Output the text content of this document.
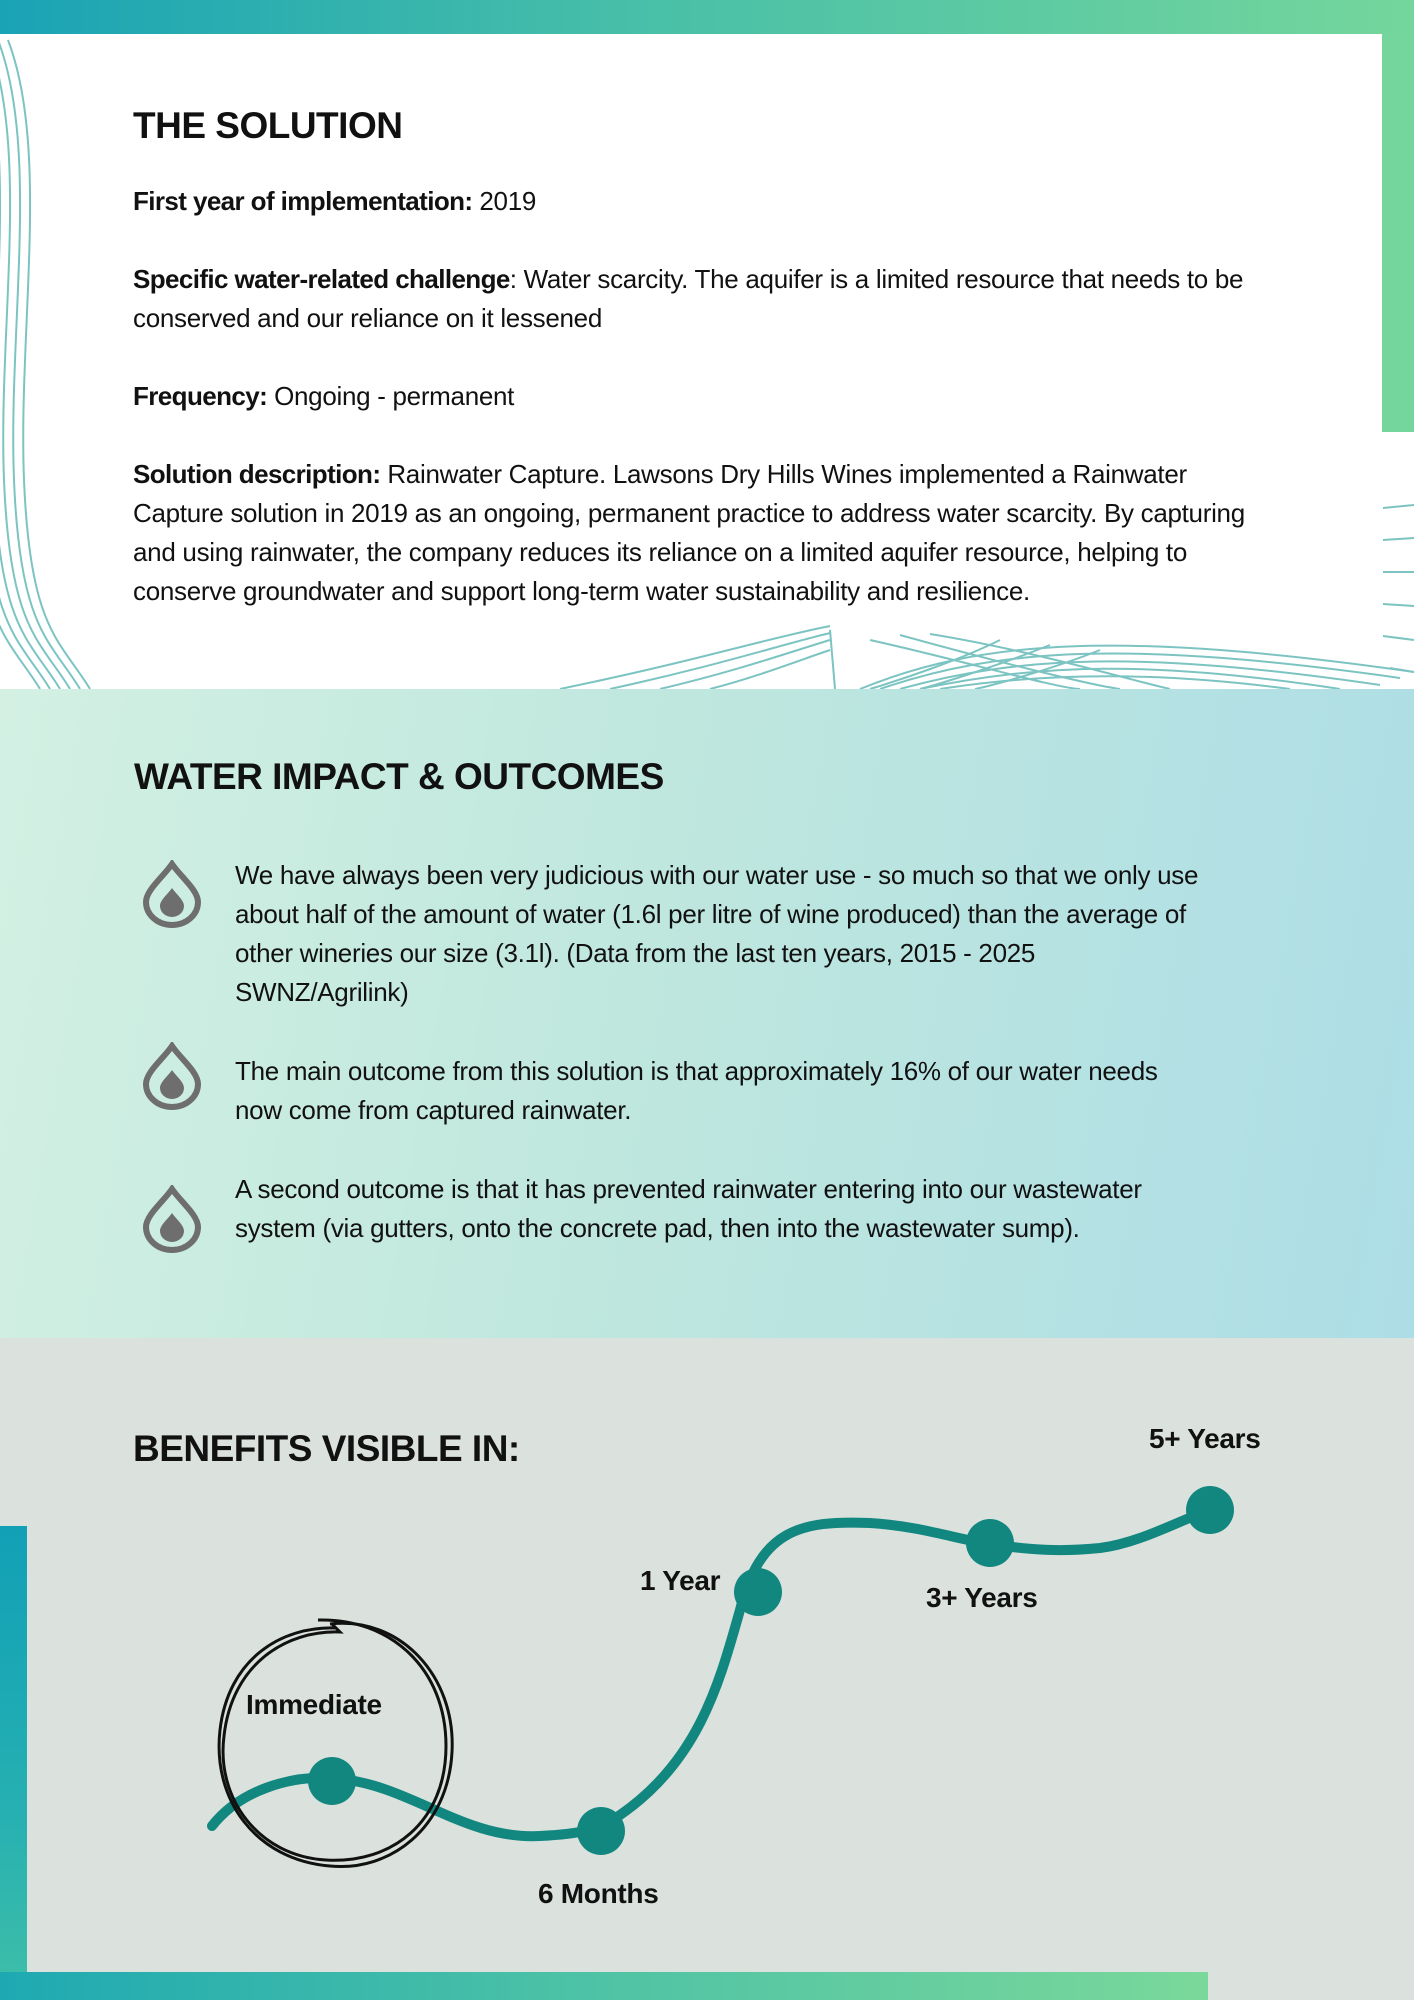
THE SOLUTION

First year of implementation: 2019

Specific water-related challenge: Water scarcity. The aquifer is a limited resource that needs to be conserved and our reliance on it lessened

Frequency: Ongoing - permanent

Solution description: Rainwater Capture. Lawsons Dry Hills Wines implemented a Rainwater Capture solution in 2019 as an ongoing, permanent practice to address water scarcity. By capturing and using rainwater, the company reduces its reliance on a limited aquifer resource, helping to conserve groundwater and support long-term water sustainability and resilience.

WATER IMPACT & OUTCOMES

We have always been very judicious with our water use - so much so that we only use about half of the amount of water (1.6l per litre of wine produced) than the average of other wineries our size (3.1l). (Data from the last ten years, 2015 - 2025 SWNZ/Agrilink)

The main outcome from this solution is that approximately 16% of our water needs now come from captured rainwater.

A second outcome is that it has prevented rainwater entering into our wastewater system (via gutters, onto the concrete pad, then into the wastewater sump).

BENEFITS VISIBLE IN:
Immediate
6 Months
1 Year
3+ Years
5+ Years
